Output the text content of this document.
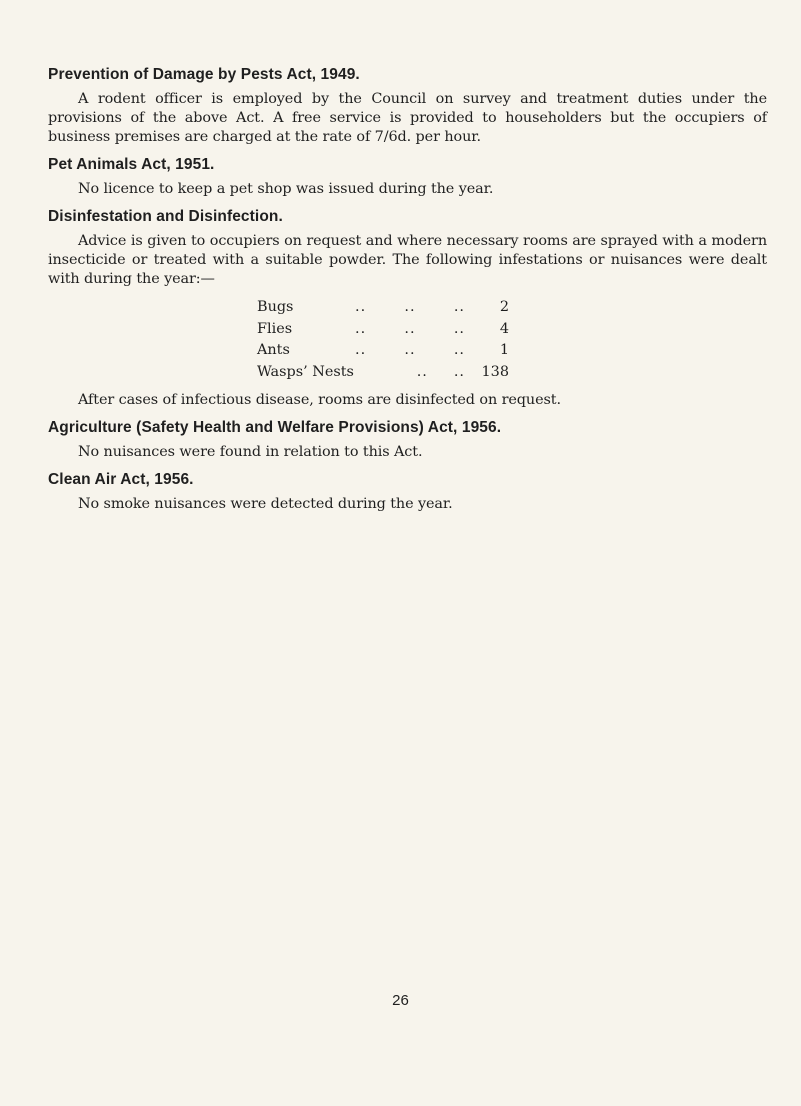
Prevention of Damage by Pests Act, 1949.

A rodent officer is employed by the Council on survey and treatment duties under the provisions of the above Act. A free service is provided to householders but the occupiers of business premises are charged at the rate of 7/6d. per hour.

Pet Animals Act, 1951.

No licence to keep a pet shop was issued during the year.

Disinfestation and Disinfection.

Advice is given to occupiers on request and where necessary rooms are sprayed with a modern insecticide or treated with a suitable powder. The following infestations or nuisances were dealt with during the year:—

Bugs	..	..	..	2
Flies	..	..	..	4
Ants	..	..	..	1
Wasps’ Nests	.. ..	138

After cases of infectious disease, rooms are disinfected on request.

Agriculture (Safety Health and Welfare Provisions) Act, 1956.

No nuisances were found in relation to this Act.

Clean Air Act, 1956.

No smoke nuisances were detected during the year.

26
